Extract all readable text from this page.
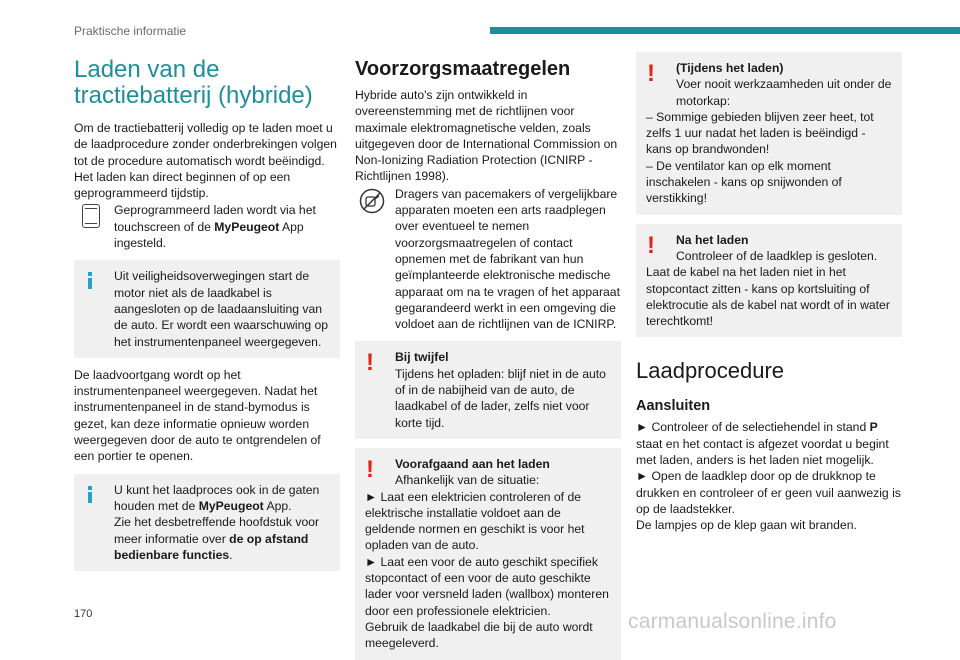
Praktische informatie
Laden van de tractiebatterij (hybride)

Om de tractiebatterij volledig op te laden moet u de laadprocedure zonder onderbrekingen volgen tot de procedure automatisch wordt beëindigd. Het laden kan direct beginnen of op een geprogrammeerd tijdstip.

Geprogrammeerd laden wordt via het touchscreen of de MyPeugeot App ingesteld.

Uit veiligheidsoverwegingen start de motor niet als de laadkabel is aangesloten op de laadaansluiting van de auto. Er wordt een waarschuwing op het instrumentenpaneel weergegeven.

De laadvoortgang wordt op het instrumentenpaneel weergegeven. Nadat het instrumentenpaneel in de stand-bymodus is gezet, kan deze informatie opnieuw worden weergegeven door de auto te ontgrendelen of een portier te openen.

U kunt het laadproces ook in de gaten houden met de MyPeugeot App.
Zie het desbetreffende hoofdstuk voor meer informatie over de op afstand bedienbare functies.

Voorzorgsmaatregelen

Hybride auto's zijn ontwikkeld in overeenstemming met de richtlijnen voor maximale elektromagnetische velden, zoals uitgegeven door de International Commission on Non-Ionizing Radiation Protection (ICNIRP - Richtlijnen 1998).

Dragers van pacemakers of vergelijkbare apparaten moeten een arts raadplegen over eventueel te nemen voorzorgsmaatregelen of contact opnemen met de fabrikant van hun geïmplanteerde elektronische medische apparaat om na te vragen of het apparaat gegarandeerd werkt in een omgeving die voldoet aan de richtlijnen van de ICNIRP.
!	Bij twijfel
Tijdens het opladen: blijf niet in de auto of in de nabijheid van de auto, de laadkabel of de lader, zelfs niet voor korte tijd.

!	Voorafgaand aan het laden
Afhankelijk van de situatie:

► Laat een elektricien controleren of de elektrische installatie voldoet aan de geldende normen en geschikt is voor het opladen van de auto.

► Laat een voor de auto geschikt specifiek stopcontact of een voor de auto geschikte lader voor versneld laden (wallbox) monteren door een professionele elektricien.

Gebruik de laadkabel die bij de auto wordt meegeleverd.

!	(Tijdens het laden)
Voer nooit werkzaamheden uit onder de motorkap:

– Sommige gebieden blijven zeer heet, tot zelfs 1 uur nadat het laden is beëindigd - kans op brandwonden!

– De ventilator kan op elk moment inschakelen - kans op snijwonden of verstikking!

!	Na het laden
Controleer of de laadklep is gesloten.

Laat de kabel na het laden niet in het stopcontact zitten - kans op kortsluiting of elektrocutie als de kabel nat wordt of in water terechtkomt!

Laadprocedure
Aansluiten

► Controleer of de selectiehendel in stand P staat en het contact is afgezet voordat u begint met laden, anders is het laden niet mogelijk.

► Open de laadklep door op de drukknop te drukken en controleer of er geen vuil aanwezig is op de laadstekker.

De lampjes op de klep gaan wit branden.

170	carmanualsonline.info
